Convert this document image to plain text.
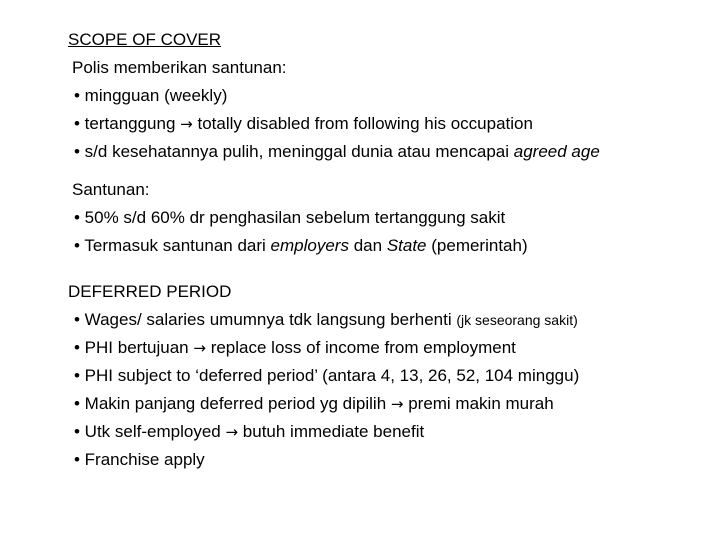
SCOPE OF COVER
Polis memberikan santunan:
• mingguan (weekly)
• tertanggung → totally disabled from following his occupation
• s/d kesehatannya pulih, meninggal dunia atau mencapai agreed age
Santunan:
• 50% s/d 60% dr penghasilan sebelum tertanggung sakit
• Termasuk santunan dari employers dan State (pemerintah)
DEFERRED PERIOD
• Wages/ salaries umumnya tdk langsung berhenti (jk seseorang sakit)
• PHI bertujuan → replace loss of income from employment
• PHI subject to ‘deferred period’ (antara 4, 13, 26, 52, 104 minggu)
• Makin panjang deferred period yg dipilih → premi makin murah
• Utk self-employed → butuh immediate benefit
• Franchise apply
